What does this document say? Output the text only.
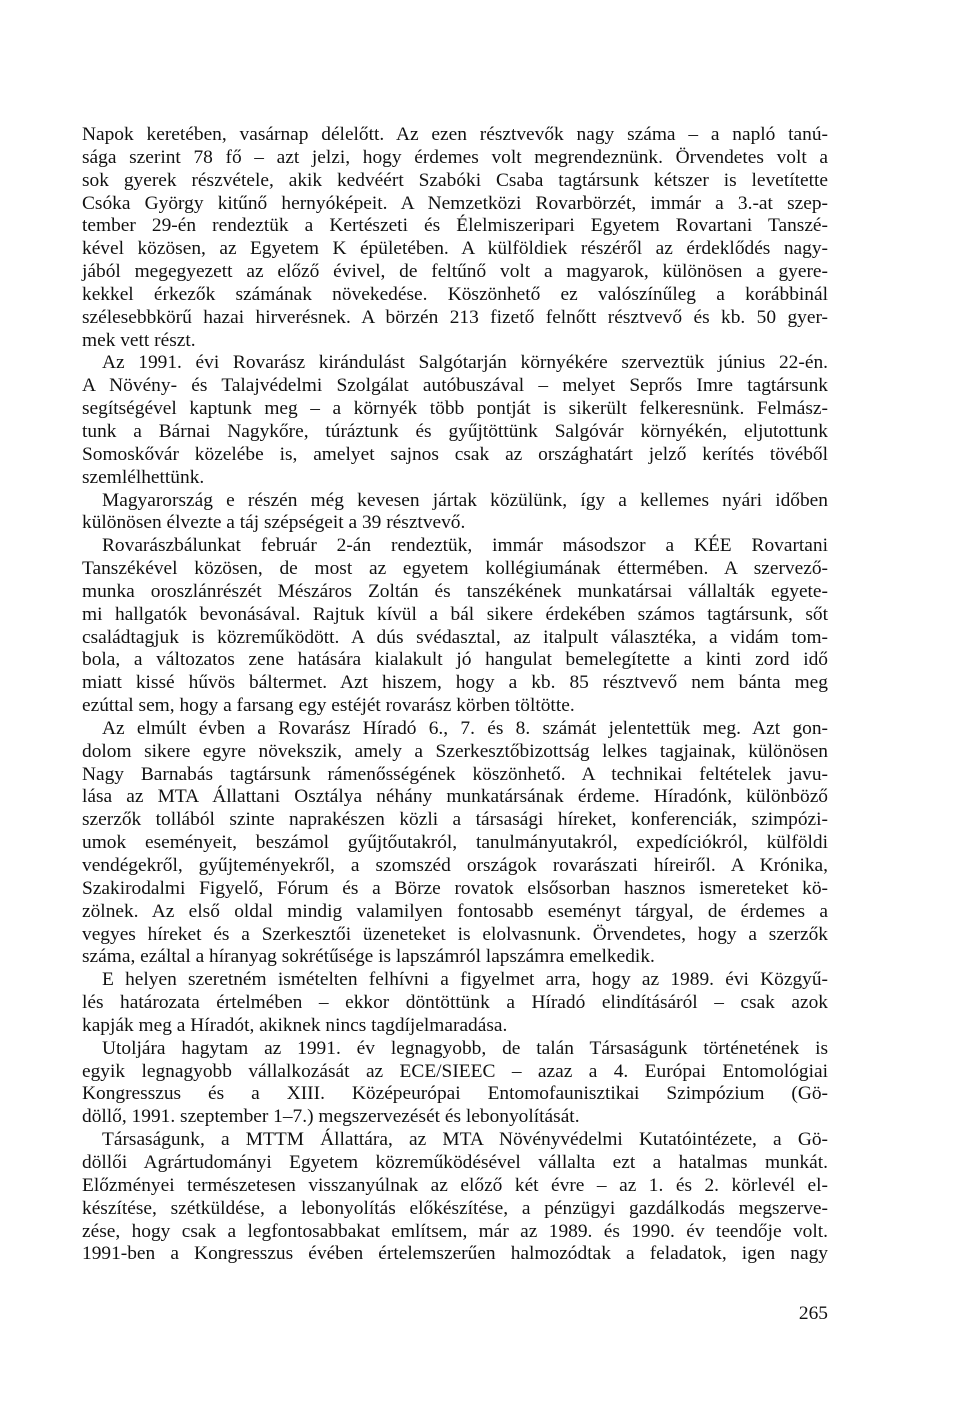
Napok keretében, vasárnap délelőtt. Az ezen résztvevők nagy száma – a napló tanú-
sága szerint 78 fő – azt jelzi, hogy érdemes volt megrendeznünk. Örvendetes volt a
sok gyerek részvétele, akik kedvéért Szabóki Csaba tagtársunk kétszer is levetítette
Csóka György kitűnő hernyóképeit. A Nemzetközi Rovarbörzét, immár a 3.-at szep-
tember 29-én rendeztük a Kertészeti és Élelmiszeripari Egyetem Rovartani Tanszé-
kével közösen, az Egyetem K épületében. A külföldiek részéről az érdeklődés nagy-
jából megegyezett az előző évivel, de feltűnő volt a magyarok, különösen a gyere-
kekkel érkezők számának növekedése. Köszönhető ez valószínűleg a korábbinál
szélesebbkörű hazai hirverésnek. A börzén 213 fizető felnőtt résztvevő és kb. 50 gyer-
mek vett részt.
Az 1991. évi Rovarász kirándulást Salgótarján környékére szerveztük június 22-én.
A Növény- és Talajvédelmi Szolgálat autóbuszával – melyet Seprős Imre tagtársunk
segítségével kaptunk meg – a környék több pontját is sikerült felkeresnünk. Felmász-
tunk a Bárnai Nagykőre, túráztunk és gyűjtöttünk Salgóvár környékén, eljutottunk
Somoskővár közelébe is, amelyet sajnos csak az országhatárt jelző kerítés tövéből
szemlélhettünk.
Magyarország e részén még kevesen jártak közülünk, így a kellemes nyári időben
különösen élvezte a táj szépségeit a 39 résztvevő.
Rovarászbálunkat február 2-án rendeztük, immár másodszor a KÉE Rovartani
Tanszékével közösen, de most az egyetem kollégiumának éttermében. A szervező-
munka oroszlánrészét Mészáros Zoltán és tanszékének munkatársai vállalták egyete-
mi hallgatók bevonásával. Rajtuk kívül a bál sikere érdekében számos tagtársunk, sőt
családtagjuk is közreműködött. A dús svédasztal, az italpult választéka, a vidám tom-
bola, a változatos zene hatására kialakult jó hangulat bemelegítette a kinti zord idő
miatt kissé hűvös báltermet. Azt hiszem, hogy a kb. 85 résztvevő nem bánta meg
ezúttal sem, hogy a farsang egy estéjét rovarász körben töltötte.
Az elmúlt évben a Rovarász Híradó 6., 7. és 8. számát jelentettük meg. Azt gon-
dolom sikere egyre növekszik, amely a Szerkesztőbizottság lelkes tagjainak, különösen
Nagy Barnabás tagtársunk rámenősségének köszönhető. A technikai feltételek javu-
lása az MTA Állattani Osztálya néhány munkatársának érdeme. Híradónk, különböző
szerzők tollából szinte naprakészen közli a társasági híreket, konferenciák, szimpózi-
umok eseményeit, beszámol gyűjtőutakról, tanulmányutakról, expedíciókról, külföldi
vendégekről, gyűjteményekről, a szomszéd országok rovarászati híreiről. A Krónika,
Szakirodalmi Figyelő, Fórum és a Börze rovatok elsősorban hasznos ismereteket kö-
zölnek. Az első oldal mindig valamilyen fontosabb eseményt tárgyal, de érdemes a
vegyes híreket és a Szerkesztői üzeneteket is elolvasnunk. Örvendetes, hogy a szerzők
száma, ezáltal a híranyag sokrétűsége is lapszámról lapszámra emelkedik.
E helyen szeretném ismételten felhívni a figyelmet arra, hogy az 1989. évi Közgyű-
lés határozata értelmében – ekkor döntöttünk a Híradó elindításáról – csak azok
kapják meg a Híradót, akiknek nincs tagdíjelmaradása.
Utoljára hagytam az 1991. év legnagyobb, de talán Társaságunk történetének is
egyik legnagyobb vállalkozását az ECE/SIEEC – azaz a 4. Európai Entomológiai
Kongresszus és a XIII. Középeurópai Entomofaunisztikai Szimpózium (Gö-
döllő, 1991. szeptember 1–7.) megszervezését és lebonyolítását.
Társaságunk, a MTTM Állattára, az MTA Növényvédelmi Kutatóintézete, a Gö-
döllői Agrártudományi Egyetem közreműködésével vállalta ezt a hatalmas munkát.
Előzményei természetesen visszanyúlnak az előző két évre – az 1. és 2. körlevél el-
készítése, szétküldése, a lebonyolítás előkészítése, a pénzügyi gazdálkodás megszerve-
zése, hogy csak a legfontosabbakat említsem, már az 1989. és 1990. év teendője volt.
1991-ben a Kongresszus évében értelemszerűen halmozódtak a feladatok, igen nagy
265
